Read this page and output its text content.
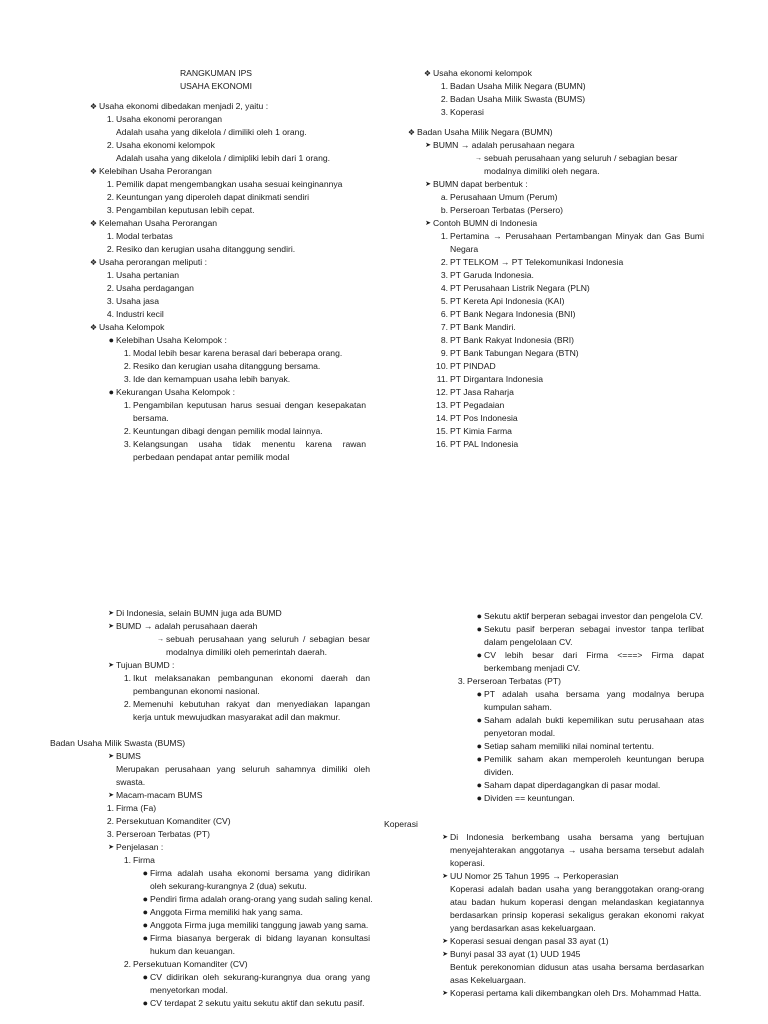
RANGKUMAN IPS
USAHA EKONOMI
❖ Usaha ekonomi dibedakan menjadi 2, yaitu :
1. Usaha ekonomi perorangan
Adalah usaha yang dikelola / dimiliki oleh 1 orang.
2. Usaha ekonomi kelompok
Adalah usaha yang dikelola / dimipliki lebih dari 1 orang.
❖ Kelebihan Usaha Perorangan
1. Pemilik dapat mengembangkan usaha sesuai keinginannya
2. Keuntungan yang diperoleh dapat dinikmati sendiri
3. Pengambilan keputusan lebih cepat.
❖ Kelemahan Usaha Perorangan
1. Modal terbatas
2. Resiko dan kerugian usaha ditanggung sendiri.
❖ Usaha perorangan meliputi :
1. Usaha pertanian
2. Usaha perdagangan
3. Usaha jasa
4. Industri kecil
❖ Usaha Kelompok
● Kelebihan Usaha Kelompok :
1. Modal lebih besar karena berasal dari beberapa orang.
2. Resiko dan kerugian usaha ditanggung bersama.
3. Ide dan kemampuan usaha lebih banyak.
● Kekurangan Usaha Kelompok :
1. Pengambilan keputusan harus sesuai dengan kesepakatan bersama.
2. Keuntungan dibagi dengan pemilik modal lainnya.
3. Kelangsungan usaha tidak menentu karena rawan perbedaan pendapat antar pemilik modal
❖ Usaha ekonomi kelompok
1. Badan Usaha Milik Negara (BUMN)
2. Badan Usaha Milik Swasta (BUMS)
3. Koperasi
❖ Badan Usaha Milik Negara (BUMN)
➤ BUMN → adalah perusahaan negara
→ sebuah perusahaan yang seluruh / sebagian besar
modalnya dimiliki oleh negara.
➤ BUMN dapat berbentuk :
a. Perusahaan Umum (Perum)
b. Perseroan Terbatas (Persero)
➤ Contoh BUMN di Indonesia
1. Pertamina → Perusahaan Pertambangan Minyak dan Gas Bumi Negara
2. PT TELKOM → PT Telekomunikasi Indonesia
3. PT Garuda Indonesia.
4. PT Perusahaan Listrik Negara (PLN)
5. PT Kereta Api Indonesia (KAI)
6. PT Bank Negara Indonesia (BNI)
7. PT Bank Mandiri.
8. PT Bank Rakyat Indonesia (BRI)
9. PT Bank Tabungan Negara (BTN)
10. PT PINDAD
11. PT Dirgantara Indonesia
12. PT Jasa Raharja
13. PT Pegadaian
14. PT Pos Indonesia
15. PT Kimia Farma
16. PT PAL Indonesia
➤ Di Indonesia, selain BUMN juga ada BUMD
➤ BUMD → adalah perusahaan daerah
→ sebuah perusahaan yang seluruh / sebagian besar modalnya dimiliki oleh pemerintah daerah.
➤ Tujuan BUMD :
1. Ikut melaksanakan pembangunan ekonomi daerah dan pembangunan ekonomi nasional.
2. Memenuhi kebutuhan rakyat dan menyediakan lapangan kerja untuk mewujudkan masyarakat adil dan makmur.
Badan Usaha Milik Swasta (BUMS)
➤ BUMS
Merupakan perusahaan yang seluruh sahamnya dimiliki oleh swasta.
➤ Macam-macam BUMS
1. Firma (Fa)
2. Persekutuan Komanditer (CV)
3. Perseroan Terbatas (PT)
➤ Penjelasan :
1. Firma
● Firma adalah usaha ekonomi bersama yang didirikan oleh sekurang-kurangnya 2 (dua) sekutu.
● Pendiri firma adalah orang-orang yang sudah saling kenal.
● Anggota Firma memiliki hak yang sama.
● Anggota Firma juga memiliki tanggung jawab yang sama.
● Firma biasanya bergerak di bidang layanan konsultasi hukum dan keuangan.
2. Persekutuan Komanditer (CV)
● CV didirikan oleh sekurang-kurangnya dua orang yang menyetorkan modal.
● CV terdapat 2 sekutu yaitu sekutu aktif dan sekutu pasif.
● Sekutu aktif berperan sebagai investor dan pengelola CV.
● Sekutu pasif berperan sebagai investor tanpa terlibat dalam pengelolaan CV.
● CV lebih besar dari Firma <===> Firma dapat berkembang menjadi CV.
3. Perseroan Terbatas (PT)
● PT adalah usaha bersama yang modalnya berupa kumpulan saham.
● Saham adalah bukti kepemilikan sutu perusahaan atas penyetoran modal.
● Setiap saham memiliki nilai nominal tertentu.
● Pemilik saham akan memperoleh keuntungan berupa dividen.
● Saham dapat diperdagangkan di pasar modal.
● Dividen == keuntungan.
Koperasi
➤ Di Indonesia berkembang usaha bersama yang bertujuan menyejahterakan anggotanya → usaha bersama tersebut adalah koperasi.
➤ UU Nomor 25 Tahun 1995 → Perkoperasian
Koperasi adalah badan usaha yang beranggotakan orang-orang atau badan hukum koperasi dengan melandaskan kegiatannya berdasarkan prinsip koperasi sekaligus gerakan ekonomi rakyat yang berdasarkan asas kekeluargaan.
➤ Koperasi sesuai dengan pasal 33 ayat (1)
➤ Bunyi pasal 33 ayat (1) UUD 1945
Bentuk perekonomian didusun atas usaha bersama berdasarkan asas Kekeluargaan.
➤ Koperasi pertama kali dikembangkan oleh Drs. Mohammad Hatta.
